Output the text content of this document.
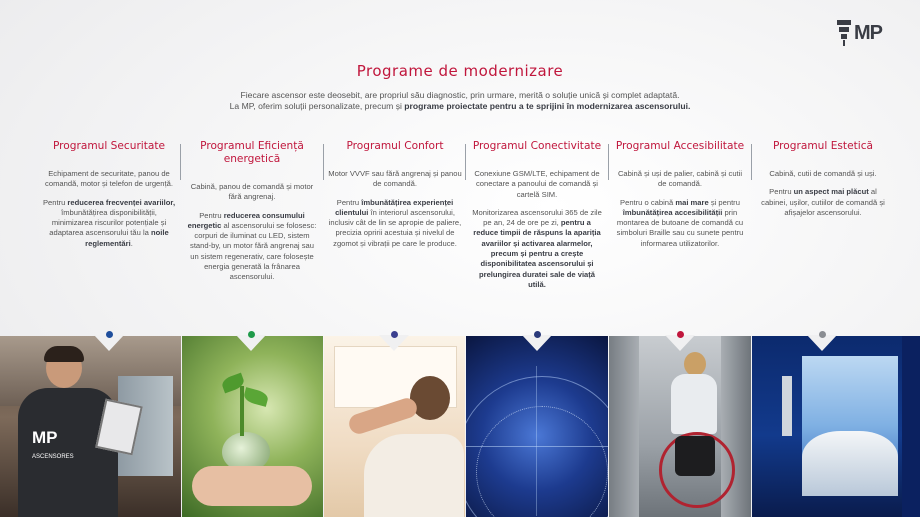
MP
Programe de modernizare
Fiecare ascensor este deosebit, are propriul său diagnostic, prin urmare, merită o soluție unică și complet adaptată.
La MP, oferim soluții personalizate, precum și programe proiectate pentru a te sprijini în modernizarea ascensorului.
Programul Securitate

Echipament de securitate, panou de comandă, motor și telefon de urgență.

Pentru reducerea frecvenței avariilor, îmbunătățirea disponibilității, minimizarea riscurilor potențiale și adaptarea ascensorului tău la noile reglementări.

Programul Eficiență energetică

Cabină, panou de comandă și motor fără angrenaj.

Pentru reducerea consumului energetic al ascensorului se folosesc: corpuri de iluminat cu LED, sistem stand-by, un motor fără angrenaj sau un sistem regenerativ, care folosește energia generată la frânarea ascensorului.

Programul Confort

Motor VVVF sau fără angrenaj și panou de comandă.

Pentru îmbunătățirea experienței clientului în interiorul ascensorului, inclusiv cât de lin se apropie de paliere, precizia opririi acestuia și nivelul de zgomot și vibrații pe care le produce.

Programul Conectivitate

Conexiune GSM/LTE, echipament de conectare a panoului de comandă și cartelă SIM.

Monitorizarea ascensorului 365 de zile pe an, 24 de ore pe zi, pentru a reduce timpii de răspuns la apariția avariilor și activarea alarmelor, precum și pentru a crește disponibilitatea ascensorului și prelungirea duratei sale de viață utilă.

Programul Accesibilitate

Cabină și uși de palier, cabină și cutii de comandă.

Pentru o cabină mai mare și pentru îmbunătățirea accesibilității prin montarea de butoane de comandă cu simboluri Braille sau cu sunete pentru informarea utilizatorilor.

Programul Estetică

Cabină, cutii de comandă și uși.

Pentru un aspect mai plăcut al cabinei, ușilor, cutiilor de comandă și afișajelor ascensorului.

MP
ASCENSORES
